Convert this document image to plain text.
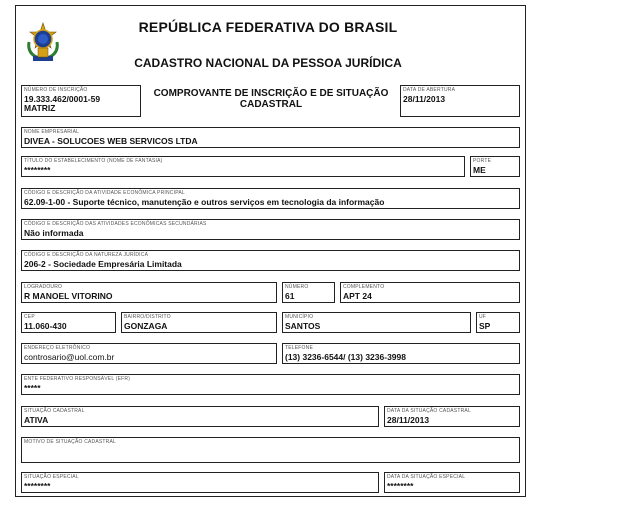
REPÚBLICA FEDERATIVA DO BRASIL
CADASTRO NACIONAL DA PESSOA JURÍDICA
NÚMERO DE INSCRIÇÃO
19.333.462/0001-59
MATRIZ
COMPROVANTE DE INSCRIÇÃO E DE SITUAÇÃO
CADASTRAL
DATA DE ABERTURA
28/11/2013
NOME EMPRESARIAL
DIVEA - SOLUCOES WEB SERVICOS LTDA
TÍTULO DO ESTABELECIMENTO (NOME DE FANTASIA)
********
PORTE
ME
CÓDIGO E DESCRIÇÃO DA ATIVIDADE ECONÔMICA PRINCIPAL
62.09-1-00 - Suporte técnico, manutenção e outros serviços em tecnologia da informação
CÓDIGO E DESCRIÇÃO DAS ATIVIDADES ECONÔMICAS SECUNDÁRIAS
Não informada
CÓDIGO E DESCRIÇÃO DA NATUREZA JURÍDICA
206-2 - Sociedade Empresária Limitada
LOGRADOURO
R MANOEL VITORINO
NÚMERO
61
COMPLEMENTO
APT 24
CEP
11.060-430
BAIRRO/DISTRITO
GONZAGA
MUNICÍPIO
SANTOS
UF
SP
ENDEREÇO ELETRÔNICO
controsario@uol.com.br
TELEFONE
(13) 3236-6544/ (13) 3236-3998
ENTE FEDERATIVO RESPONSÁVEL (EFR)
*****
SITUAÇÃO CADASTRAL
ATIVA
DATA DA SITUAÇÃO CADASTRAL
28/11/2013
MOTIVO DE SITUAÇÃO CADASTRAL
SITUAÇÃO ESPECIAL
********
DATA DA SITUAÇÃO ESPECIAL
********
